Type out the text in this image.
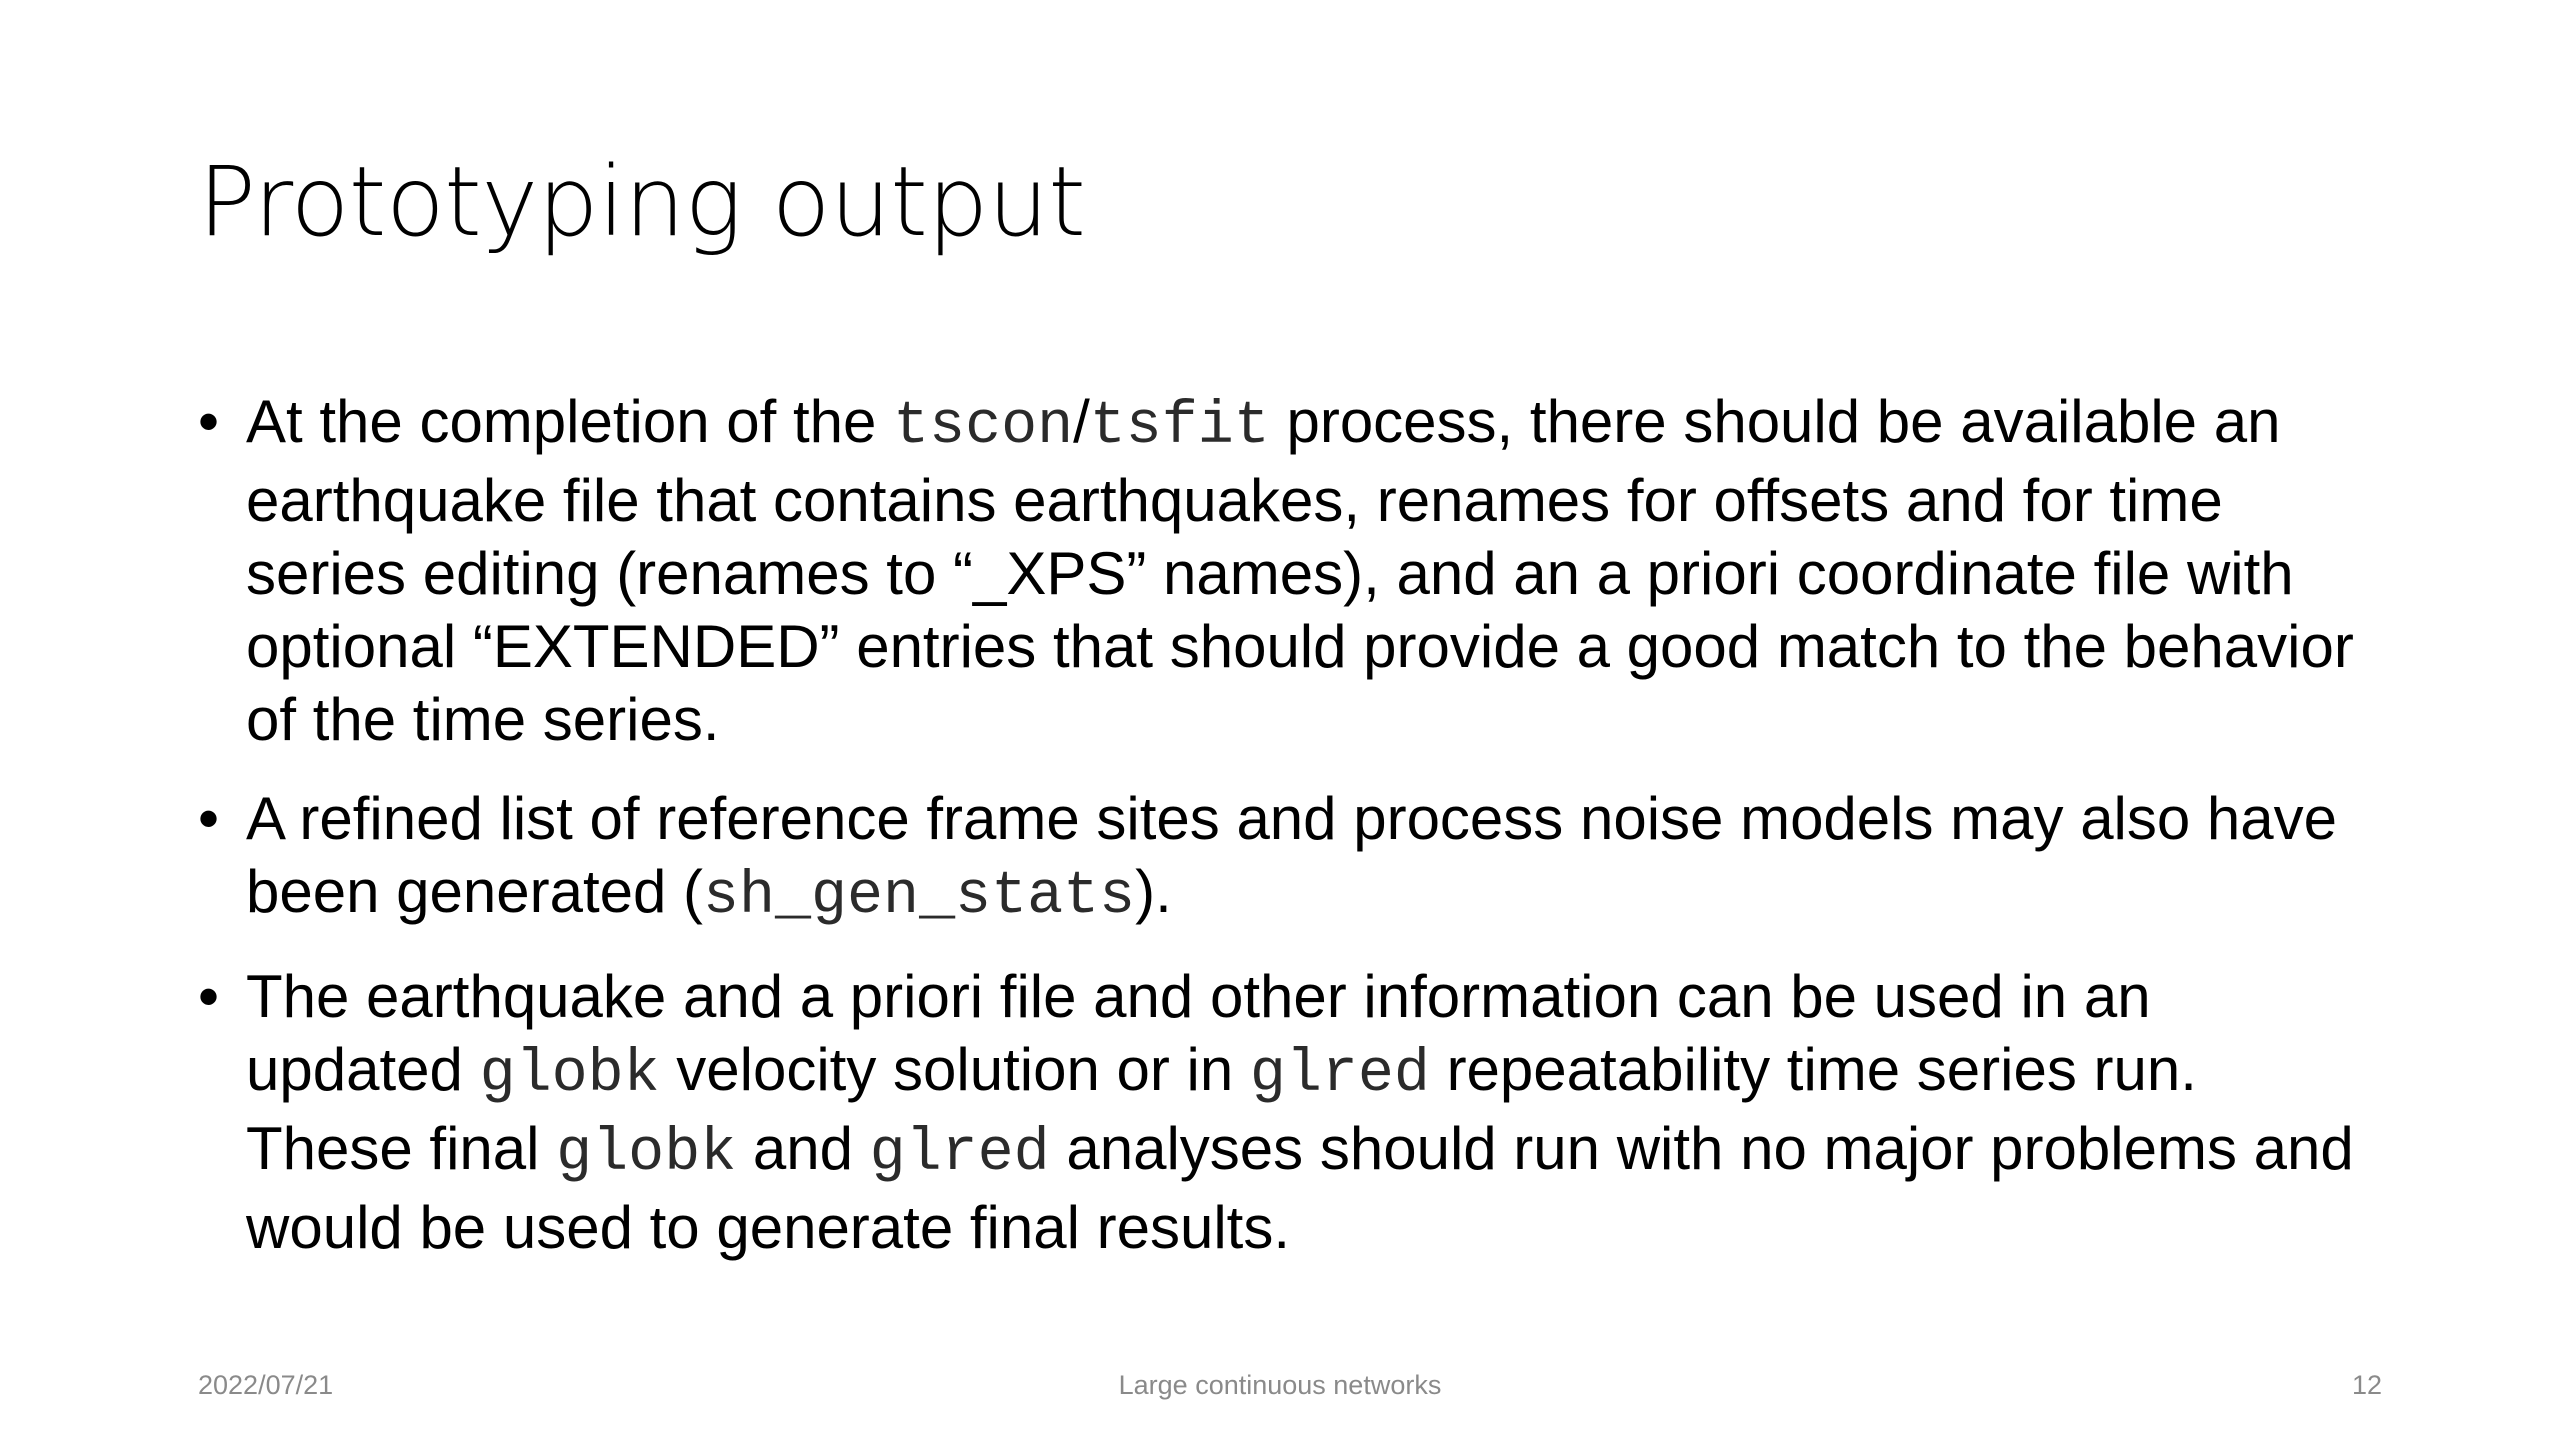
Prototyping output
• At the completion of the tscon/tsfit process, there should be available an earthquake file that contains earthquakes, renames for offsets and for time series editing (renames to “_XPS” names), and an a priori coordinate file with optional “EXTENDED” entries that should provide a good match to the behavior of the time series.
• A refined list of reference frame sites and process noise models may also have been generated (sh_gen_stats).
• The earthquake and a priori file and other information can be used in an updated globk velocity solution or in glred repeatability time series run. These final globk and glred analyses should run with no major problems and would be used to generate final results.
2022/07/21	Large continuous networks	12
